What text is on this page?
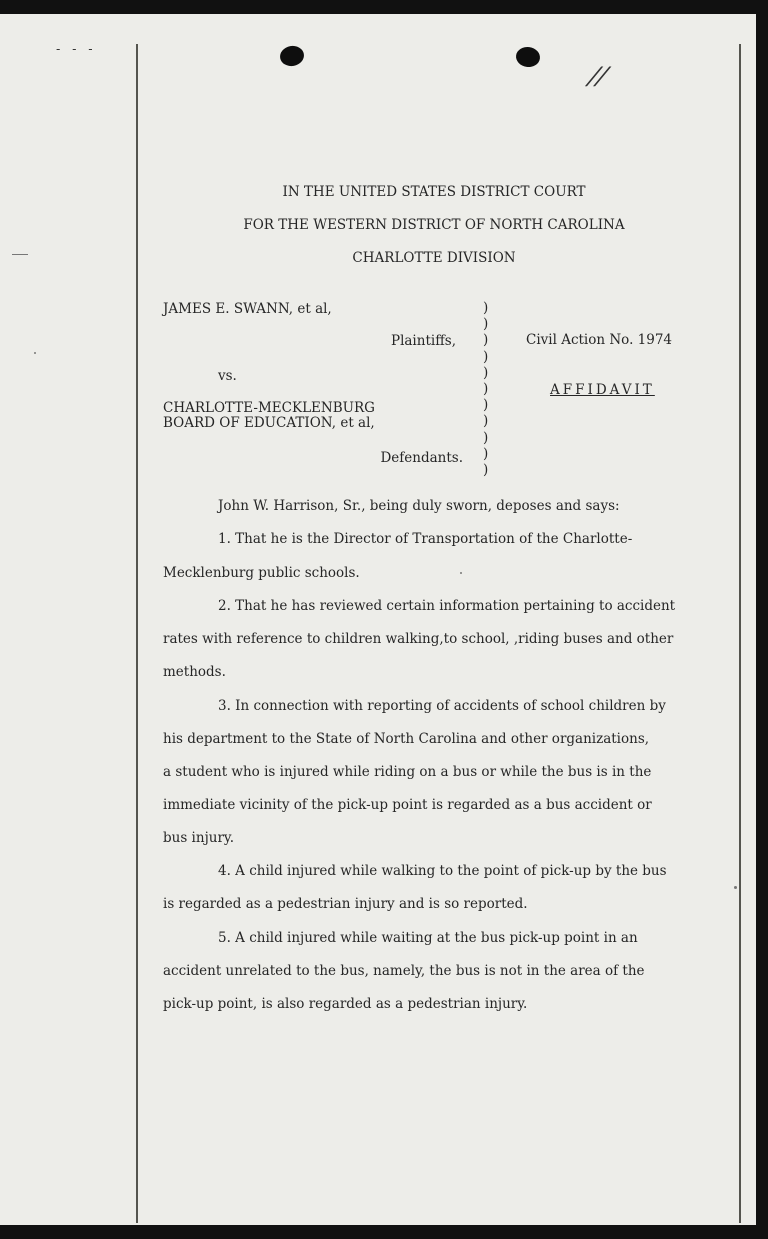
- - -
//
IN THE UNITED STATES DISTRICT COURT
FOR THE WESTERN DISTRICT OF NORTH CAROLINA
CHARLOTTE DIVISION
JAMES E. SWANN, et al,
Plaintiffs,
vs.
CHARLOTTE-MECKLENBURG
BOARD OF EDUCATION, et al,
Defendants.
)
)
)
)
)
)
)
)
)
)
)
Civil Action No. 1974
AFFIDAVIT
John W. Harrison, Sr., being duly sworn, deposes and says:
1. That he is the Director of Transportation of the Charlotte-
Mecklenburg public schools.
2. That he has reviewed certain information pertaining to accident
rates with reference to children walking,to school, ,riding buses and other
methods.
3. In connection with reporting of accidents of school children by
his department to the State of North Carolina and other organizations,
a student who is injured while riding on a bus or while the bus is in the
immediate vicinity of the pick-up point is regarded as a bus accident or
bus injury.
4. A child injured while walking to the point of pick-up by the bus
is regarded as a pedestrian injury and is so reported.
5. A child injured while waiting at the bus pick-up point in an
accident unrelated to the bus, namely, the bus is not in the area of the
pick-up point, is also regarded as a pedestrian injury.
